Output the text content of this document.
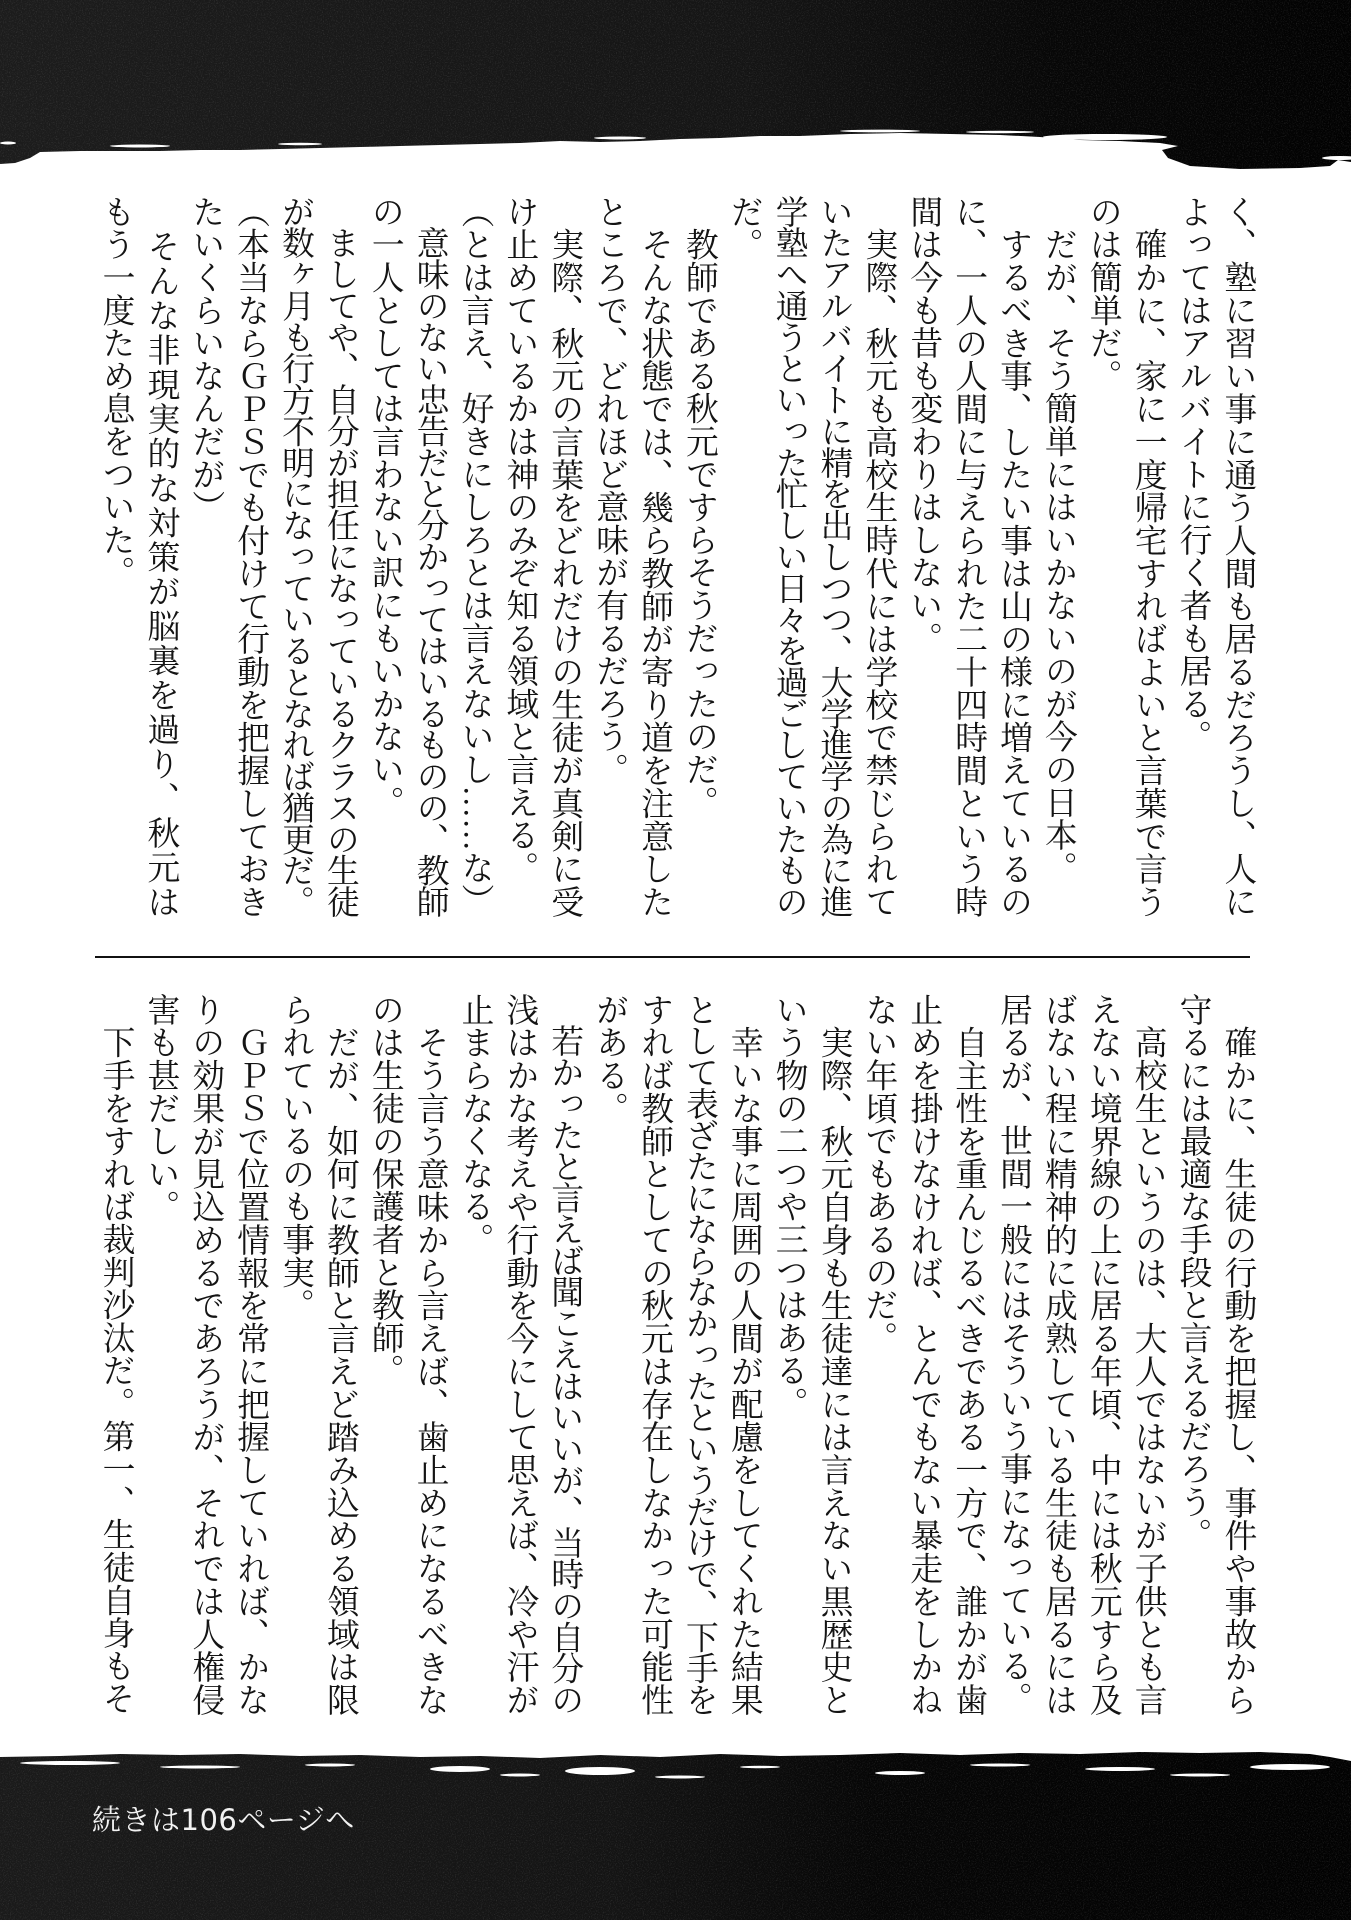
く、塾に習い事に通う人間も居るだろうし、人に
よってはアルバイトに行く者も居る。
　確かに、家に一度帰宅すればよいと言葉で言う
のは簡単だ。
　だが、そう簡単にはいかないのが今の日本。
　するべき事、したい事は山の様に増えているの
に、一人の人間に与えられた二十四時間という時
間は今も昔も変わりはしない。
　実際、秋元も高校生時代には学校で禁じられて
いたアルバイトに精を出しつつ、大学進学の為に進
学塾へ通うといった忙しい日々を過ごしていたもの
だ。
　教師である秋元ですらそうだったのだ。
　そんな状態では、幾ら教師が寄り道を注意した
ところで、どれほど意味が有るだろう。
　実際、秋元の言葉をどれだけの生徒が真剣に受
け止めているかは神のみぞ知る領域と言える。
（とは言え、好きにしろとは言えないし……な）
　意味のない忠告だと分かってはいるものの、教師
の一人としては言わない訳にもいかない。
　ましてや、自分が担任になっているクラスの生徒
が数ヶ月も行方不明になっているとなれば猶更だ。
（本当ならＧＰＳでも付けて行動を把握しておき
たいくらいなんだが）
　そんな非現実的な対策が脳裏を過り、秋元は
もう一度ため息をついた。
　確かに、生徒の行動を把握し、事件や事故から
守るには最適な手段と言えるだろう。
　高校生というのは、大人ではないが子供とも言
えない境界線の上に居る年頃、中には秋元すら及
ばない程に精神的に成熟している生徒も居るには
居るが、世間一般にはそういう事になっている。
　自主性を重んじるべきである一方で、誰かが歯
止めを掛けなければ、とんでもない暴走をしかね
ない年頃でもあるのだ。
　実際、秋元自身も生徒達には言えない黒歴史と
いう物の二つや三つはある。
　幸いな事に周囲の人間が配慮をしてくれた結果
として表ざたにならなかったというだけで、下手を
すれば教師としての秋元は存在しなかった可能性
がある。
　若かったと言えば聞こえはいいが、当時の自分の
浅はかな考えや行動を今にして思えば、冷や汗が
止まらなくなる。
　そう言う意味から言えば、歯止めになるべきな
のは生徒の保護者と教師。
　だが、如何に教師と言えど踏み込める領域は限
られているのも事実。
　ＧＰＳで位置情報を常に把握していれば、かな
りの効果が見込めるであろうが、それでは人権侵
害も甚だしい。
　下手をすれば裁判沙汰だ。第一、生徒自身もそ
続きは106ページへ
